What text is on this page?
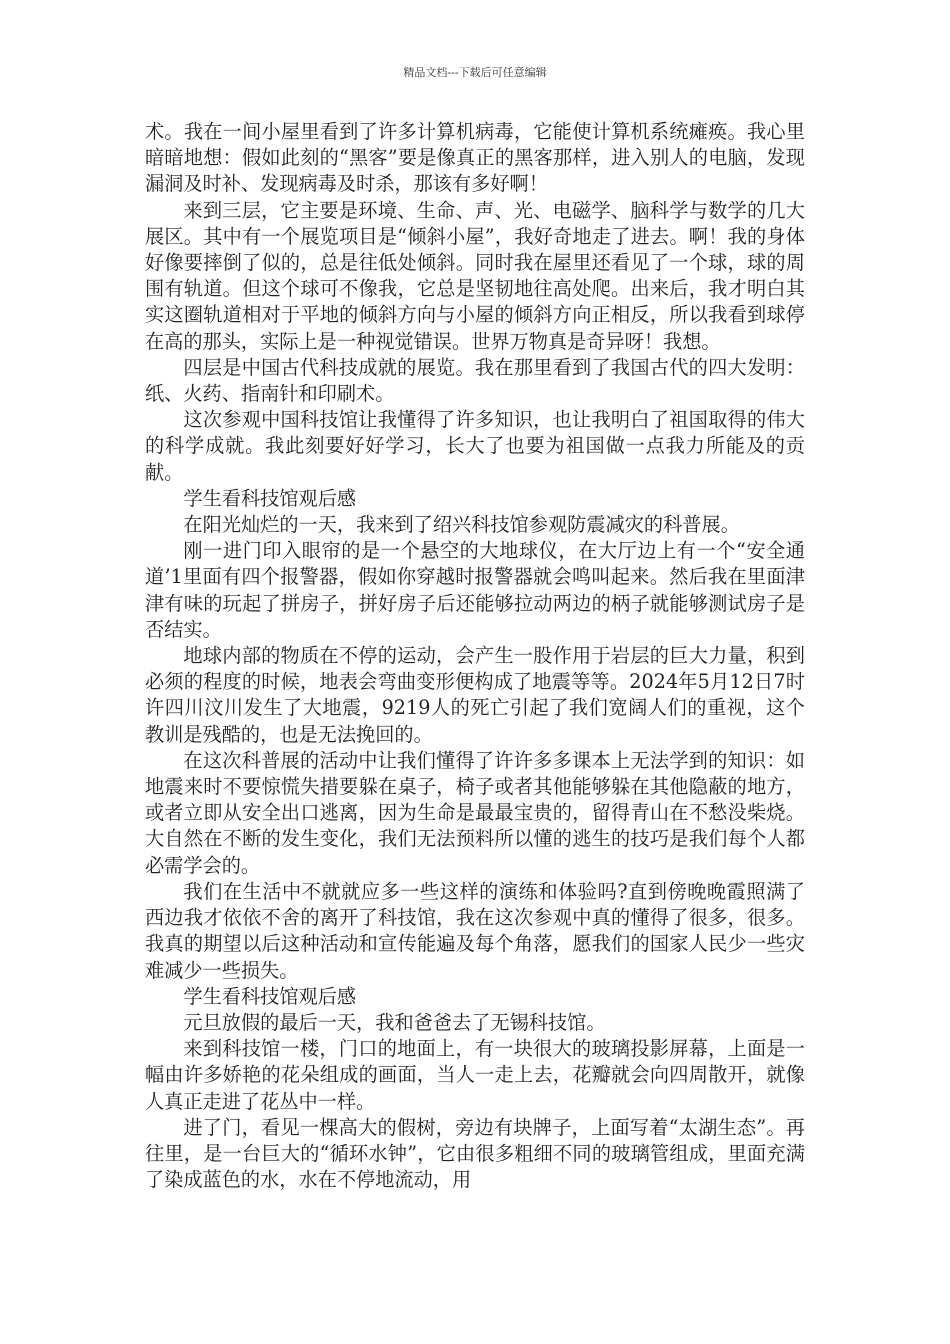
精品文档---下载后可任意编辑

术。我在一间小屋里看到了许多计算机病毒，它能使计算机系统瘫痪。我心里暗暗地想：假如此刻的“黑客”要是像真正的黑客那样，进入别人的电脑，发现漏洞及时补、发现病毒及时杀，那该有多好啊！

来到三层，它主要是环境、生命、声、光、电磁学、脑科学与数学的几大展区。其中有一个展览项目是“倾斜小屋”，我好奇地走了进去。啊！我的身体好像要摔倒了似的，总是往低处倾斜。同时我在屋里还看见了一个球，球的周围有轨道。但这个球可不像我，它总是坚韧地往高处爬。出来后，我才明白其实这圈轨道相对于平地的倾斜方向与小屋的倾斜方向正相反，所以我看到球停在高的那头，实际上是一种视觉错误。世界万物真是奇异呀！我想。

四层是中国古代科技成就的展览。我在那里看到了我国古代的四大发明：纸、火药、指南针和印刷术。

这次参观中国科技馆让我懂得了许多知识，也让我明白了祖国取得的伟大的科学成就。我此刻要好好学习，长大了也要为祖国做一点我力所能及的贡献。

学生看科技馆观后感

在阳光灿烂的一天，我来到了绍兴科技馆参观防震减灾的科普展。

刚一进门印入眼帘的是一个悬空的大地球仪，在大厅边上有一个“安全通道’1里面有四个报警器，假如你穿越时报警器就会鸣叫起来。然后我在里面津津有味的玩起了拼房子，拼好房子后还能够拉动两边的柄子就能够测试房子是否结实。

地球内部的物质在不停的运动，会产生一股作用于岩层的巨大力量，积到必须的程度的时候，地表会弯曲变形便构成了地震等等。2024年5月12日7时许四川汶川发生了大地震，9219人的死亡引起了我们宽阔人们的重视，这个教训是残酷的，也是无法挽回的。

在这次科普展的活动中让我们懂得了许许多多课本上无法学到的知识：如地震来时不要惊慌失措要躲在桌子，椅子或者其他能够躲在其他隐蔽的地方，或者立即从安全出口逃离，因为生命是最最宝贵的，留得青山在不愁没柴烧。大自然在不断的发生变化，我们无法预料所以懂的逃生的技巧是我们每个人都必需学会的。

我们在生活中不就就应多一些这样的演练和体验吗?直到傍晚晚霞照满了西边我才依依不舍的离开了科技馆，我在这次参观中真的懂得了很多，很多。我真的期望以后这种活动和宣传能遍及每个角落，愿我们的国家人民少一些灾难减少一些损失。

学生看科技馆观后感

元旦放假的最后一天，我和爸爸去了无锡科技馆。

来到科技馆一楼，门口的地面上，有一块很大的玻璃投影屏幕，上面是一幅由许多娇艳的花朵组成的画面，当人一走上去，花瓣就会向四周散开，就像人真正走进了花丛中一样。

进了门，看见一棵高大的假树，旁边有块牌子，上面写着“太湖生态”。再往里，是一台巨大的“循环水钟”，它由很多粗细不同的玻璃管组成，里面充满了染成蓝色的水，水在不停地流动，用
